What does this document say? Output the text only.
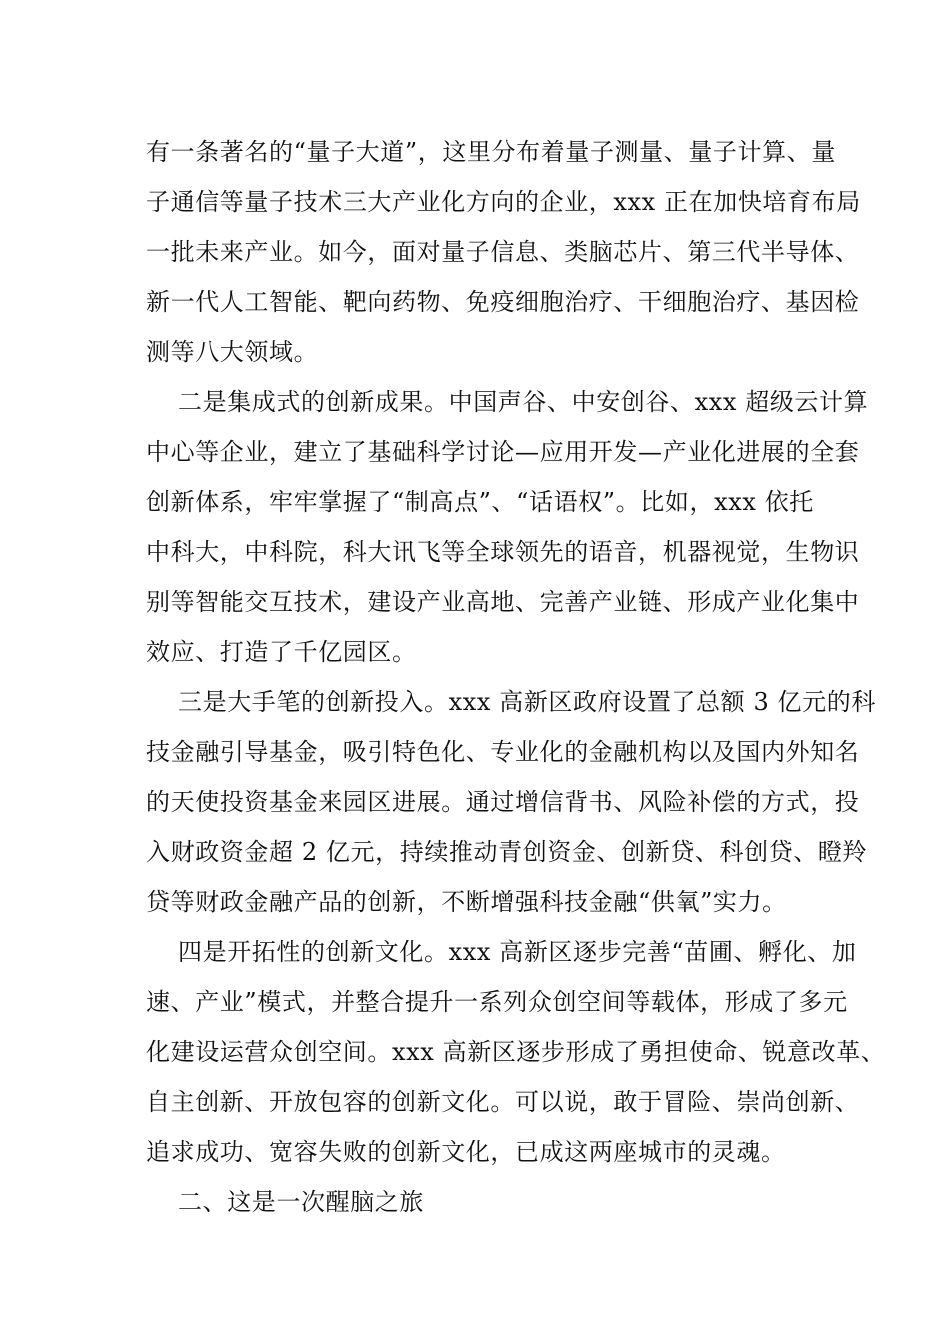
有一条著名的“量子大道”，这里分布着量子测量、量子计算、量
子通信等量子技术三大产业化方向的企业，xxx 正在加快培育布局
一批未来产业。如今，面对量子信息、类脑芯片、第三代半导体、
新一代人工智能、靶向药物、免疫细胞治疗、干细胞治疗、基因检
测等八大领域。
二是集成式的创新成果。中国声谷、中安创谷、xxx 超级云计算
中心等企业，建立了基础科学讨论—应用开发—产业化进展的全套
创新体系，牢牢掌握了“制高点”、“话语权”。比如，xxx 依托
中科大，中科院，科大讯飞等全球领先的语音，机器视觉，生物识
别等智能交互技术，建设产业高地、完善产业链、形成产业化集中
效应、打造了千亿园区。
三是大手笔的创新投入。xxx 高新区政府设置了总额 3 亿元的科
技金融引导基金，吸引特色化、专业化的金融机构以及国内外知名
的天使投资基金来园区进展。通过增信背书、风险补偿的方式，投
入财政资金超 2 亿元，持续推动青创资金、创新贷、科创贷、瞪羚
贷等财政金融产品的创新，不断增强科技金融“供氧”实力。
四是开拓性的创新文化。xxx 高新区逐步完善“苗圃、孵化、加
速、产业”模式，并整合提升一系列众创空间等载体，形成了多元
化建设运营众创空间。xxx 高新区逐步形成了勇担使命、锐意改革、
自主创新、开放包容的创新文化。可以说，敢于冒险、崇尚创新、
追求成功、宽容失败的创新文化，已成这两座城市的灵魂。
二、这是一次醒脑之旅
